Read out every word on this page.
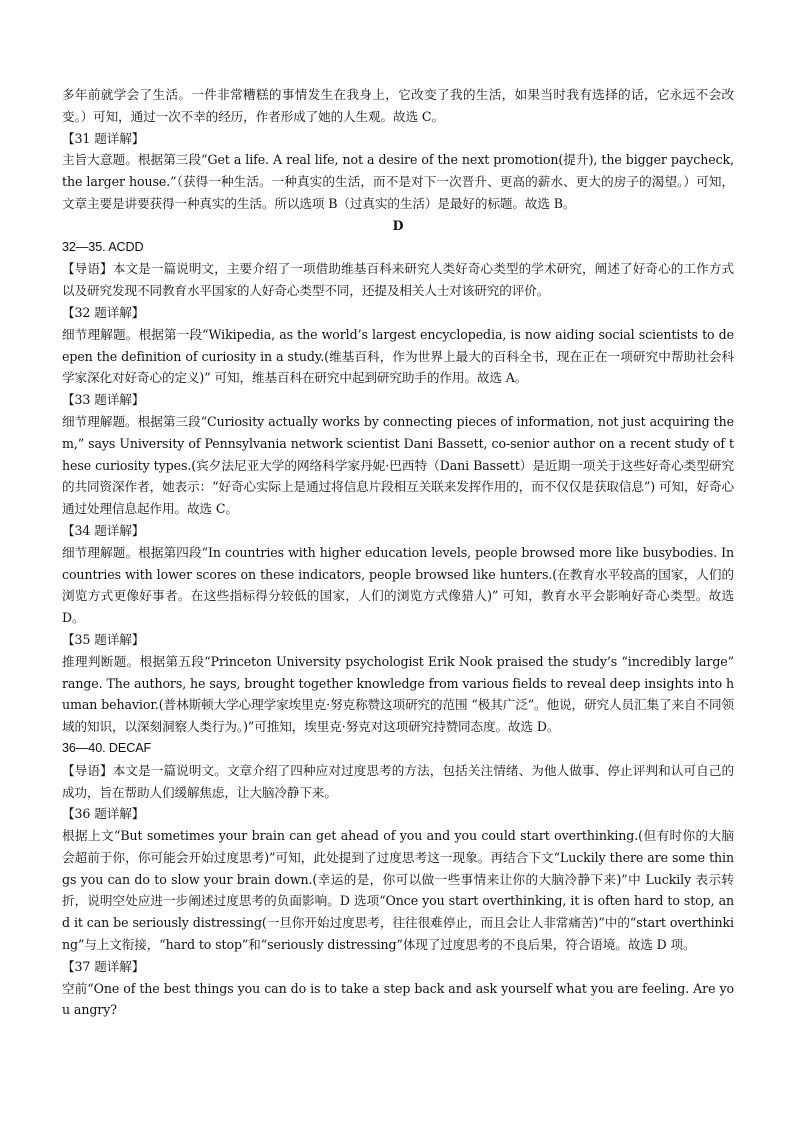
多年前就学会了生活。一件非常糟糕的事情发生在我身上，它改变了我的生活，如果当时我有选择的话，它永远不会改变。）可知，通过一次不幸的经历，作者形成了她的人生观。故选 C。

【31 题详解】

主旨大意题。根据第三段“Get a life. A real life, not a desire of the next promotion(提升), the bigger paycheck, the larger house.”（获得一种生活。一种真实的生活，而不是对下一次晋升、更高的薪水、更大的房子的渴望。）可知，文章主要是讲要获得一种真实的生活。所以选项 B（过真实的生活）是最好的标题。故选 B。

D

32—35. ACDD

【导语】本文是一篇说明文，主要介绍了一项借助维基百科来研究人类好奇心类型的学术研究，阐述了好奇心的工作方式以及研究发现不同教育水平国家的人好奇心类型不同，还提及相关人士对该研究的评价。

【32 题详解】

细节理解题。根据第一段“Wikipedia, as the world’s largest encyclopedia, is now aiding social scientists to deepen the definition of curiosity in a study.(维基百科，作为世界上最大的百科全书，现在正在一项研究中帮助社会科学家深化对好奇心的定义)” 可知，维基百科在研究中起到研究助手的作用。故选 A。

【33 题详解】

细节理解题。根据第三段“Curiosity actually works by connecting pieces of information, not just acquiring them,” says University of Pennsylvania network scientist Dani Bassett, co-senior author on a recent study of these curiosity types.(宾夕法尼亚大学的网络科学家丹妮·巴西特（Dani Bassett）是近期一项关于这些好奇心类型研究的共同资深作者，她表示：“好奇心实际上是通过将信息片段相互关联来发挥作用的，而不仅仅是获取信息”) 可知，好奇心通过处理信息起作用。故选 C。

【34 题详解】

细节理解题。根据第四段“In countries with higher education levels, people browsed more like busybodies. In countries with lower scores on these indicators, people browsed like hunters.(在教育水平较高的国家，人们的浏览方式更像好事者。在这些指标得分较低的国家，人们的浏览方式像猎人)” 可知，教育水平会影响好奇心类型。故选 D。

【35 题详解】

推理判断题。根据第五段“Princeton University psychologist Erik Nook praised the study’s “incredibly large” range. The authors, he says, brought together knowledge from various fields to reveal deep insights into human behavior.(普林斯顿大学心理学家埃里克·努克称赞这项研究的范围 “极其广泛”。他说，研究人员汇集了来自不同领域的知识，以深刻洞察人类行为。)”可推知，埃里克·努克对这项研究持赞同态度。故选 D。

36—40. DECAF

【导语】本文是一篇说明文。文章介绍了四种应对过度思考的方法，包括关注情绪、为他人做事、停止评判和认可自己的成功，旨在帮助人们缓解焦虑，让大脑冷静下来。

【36 题详解】

根据上文“But sometimes your brain can get ahead of you and you could start overthinking.(但有时你的大脑会超前于你，你可能会开始过度思考)”可知，此处提到了过度思考这一现象。再结合下文“Luckily there are some things you can do to slow your brain down.(幸运的是，你可以做一些事情来让你的大脑冷静下来)”中 Luckily 表示转折，说明空处应进一步阐述过度思考的负面影响。D 选项“Once you start overthinking, it is often hard to stop, and it can be seriously distressing(一旦你开始过度思考，往往很难停止，而且会让人非常痛苦)”中的“start overthinking”与上文衔接，“hard to stop”和“seriously distressing”体现了过度思考的不良后果，符合语境。故选 D 项。

【37 题详解】

空前“One of the best things you can do is to take a step back and ask yourself what you are feeling. Are you angry?
